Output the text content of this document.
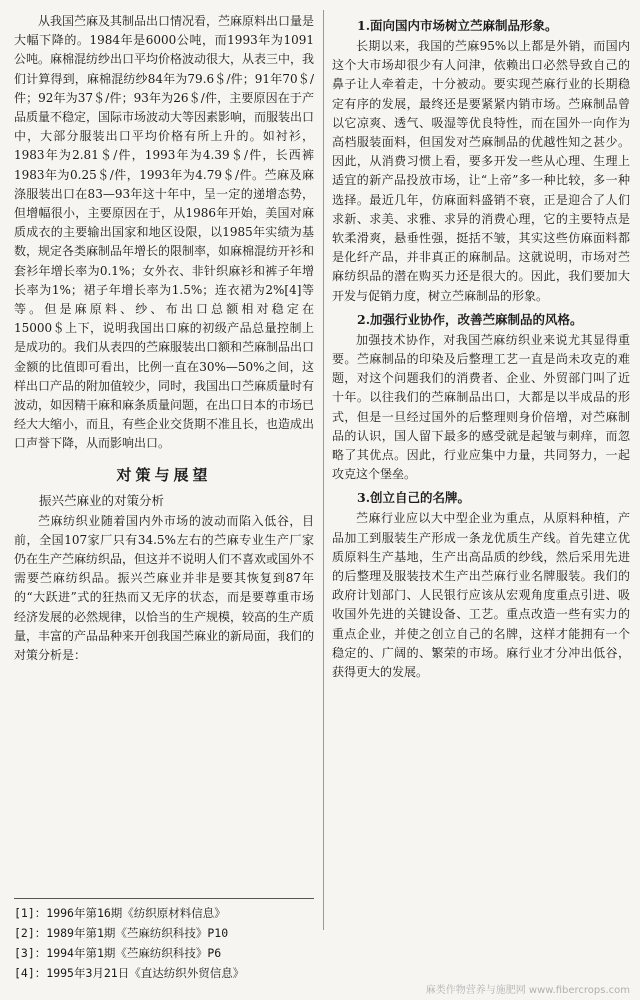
从我国苎麻及其制品出口情况看，苎麻原料出口量是大幅下降的。1984年是6000公吨，而1993年为1091公吨。麻棉混纺纱出口平均价格波动很大，从表三中，我们计算得到，麻棉混纺纱84年为79.6＄/件；91年70＄/件；92年为37＄/件；93年为26＄/件，主要原因在于产品质量不稳定，国际市场波动大等因素影响，而服装出口中，大部分服装出口平均价格有所上升的。如衬衫，1983年为2.81＄/件，1993年为4.39＄/件，长西裤1983年为0.25＄/件，1993年为4.79＄/件。苎麻及麻涤服装出口在83—93年这十年中，呈一定的递增态势，但增幅很小，主要原因在于，从1986年开始，美国对麻质成衣的主要输出国家和地区设限，以1985年实绩为基数，规定各类麻制品年增长的限制率，如麻棉混纺开衫和套衫年增长率为0.1%；女外衣、非针织麻衫和裤子年增长率为1%；裙子年增长率为1.5%；连衣裙为2%[4]等等。但是麻原料、纱、布出口总额相对稳定在15000＄上下，说明我国出口麻的初级产品总量控制上是成功的。我们从表四的苎麻服装出口额和苎麻制品出口金额的比值即可看出，比例一直在30%—50%之间，这样出口产品的附加值较少，同时，我国出口苎麻质量时有波动，如因精干麻和麻条质量问题，在出口日本的市场已经大大缩小，而且，有些企业交货期不准且长，也造成出口声誉下降，从而影响出口。

对策与展望
振兴苎麻业的对策分析

苎麻纺织业随着国内外市场的波动而陷入低谷，目前，全国107家厂只有34.5%左右的苎麻专业生产厂家仍在生产苎麻纺织品，但这并不说明人们不喜欢或国外不需要苎麻纺织品。振兴苎麻业并非是要其恢复到87年的“大跃进”式的狂热而又无序的状态，而是要尊重市场经济发展的必然规律，以恰当的生产规模，较高的生产质量，丰富的产品品种来开创我国苎麻业的新局面，我们的对策分析是：

1.面向国内市场树立苎麻制品形象。

长期以来，我国的苎麻95%以上都是外销，而国内这个大市场却很少有人问津，依赖出口必然导致自己的鼻子让人牵着走，十分被动。要实现苎麻行业的长期稳定有序的发展，最终还是要紧紧内销市场。苎麻制品曾以它凉爽、透气、吸湿等优良特性，而在国外一向作为高档服装面料，但国发对苎麻制品的优越性知之甚少。因此，从消费习惯上看，要多开发一些从心理、生理上适宜的新产品投放市场，让“上帝”多一种比较，多一种选择。最近几年，仿麻面料盛销不衰，正是迎合了人们求新、求美、求雅、求异的消费心理，它的主要特点是软柔滑爽，悬垂性强，挺括不皱，其实这些仿麻面料都是化纤产品，并非真正的麻制品。这就说明，市场对苎麻纺织品的潜在购买力还是很大的。因此，我们要加大开发与促销力度，树立苎麻制品的形象。

2.加强行业协作，改善苎麻制品的风格。

加强技术协作，对我国苎麻纺织业来说尤其显得重要。苎麻制品的印染及后整理工艺一直是尚未攻克的难题，对这个问题我们的消费者、企业、外贸部门叫了近十年。以往我们的苎麻制品出口，大都是以半成品的形式，但是一旦经过国外的后整理则身价倍增，对苎麻制品的认识，国人留下最多的感受就是起皱与刺痒，而忽略了其优点。因此，行业应集中力量，共同努力，一起攻克这个堡垒。

3.创立自己的名牌。

苎麻行业应以大中型企业为重点，从原料种植，产品加工到服装生产形成一条龙优质生产线。首先建立优质原料生产基地，生产出高品质的纱线，然后采用先进的后整理及服装技术生产出苎麻行业名牌服装。我们的政府计划部门、人民银行应该从宏观角度重点引进、吸收国外先进的关键设备、工艺。重点改造一些有实力的重点企业，并使之创立自己的名牌，这样才能拥有一个稳定的、广阔的、繁荣的市场。麻行业才分冲出低谷，获得更大的发展。

[1]：1996年第16期《纺织原材料信息》
[2]：1989年第1期《苎麻纺织科技》P10
[3]：1994年第1期《苎麻纺织科技》P6
[4]：1995年3月21日《直达纺织外贸信息》
麻类作物营养与施肥网 www.fibercrops.com
